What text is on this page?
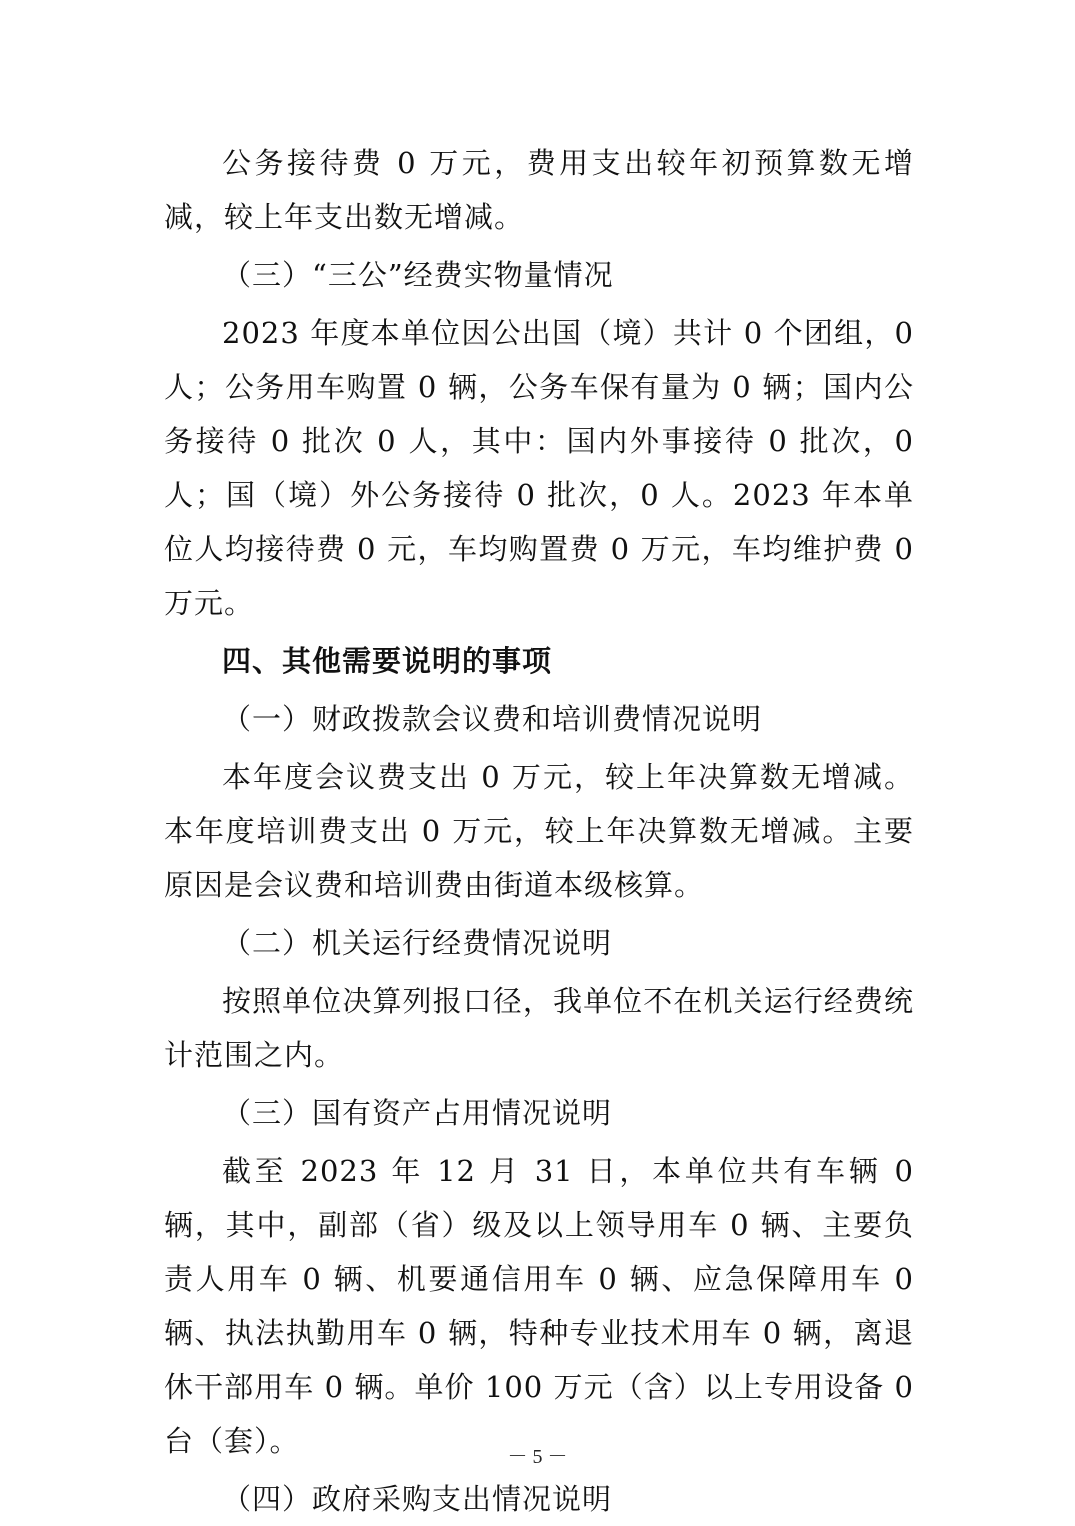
公务接待费 0 万元，费用支出较年初预算数无增减，较上年支出数无增减。

（三）“三公”经费实物量情况

2023 年度本单位因公出国（境）共计 0 个团组，0 人；公务用车购置 0 辆，公务车保有量为 0 辆；国内公务接待 0 批次 0 人，其中：国内外事接待 0 批次，0 人；国（境）外公务接待 0 批次，0 人。2023 年本单位人均接待费 0 元，车均购置费 0 万元，车均维护费 0 万元。

四、其他需要说明的事项

（一）财政拨款会议费和培训费情况说明

本年度会议费支出 0 万元，较上年决算数无增减。本年度培训费支出 0 万元，较上年决算数无增减。主要原因是会议费和培训费由街道本级核算。

（二）机关运行经费情况说明

按照单位决算列报口径，我单位不在机关运行经费统计范围之内。

（三）国有资产占用情况说明

截至 2023 年 12 月 31 日，本单位共有车辆 0 辆，其中，副部（省）级及以上领导用车 0 辆、主要负责人用车 0 辆、机要通信用车 0 辆、应急保障用车 0 辆、执法执勤用车 0 辆，特种专业技术用车 0 辆，离退休干部用车 0 辆。单价 100 万元（含）以上专用设备 0 台（套）。

（四）政府采购支出情况说明

－ 5 －
